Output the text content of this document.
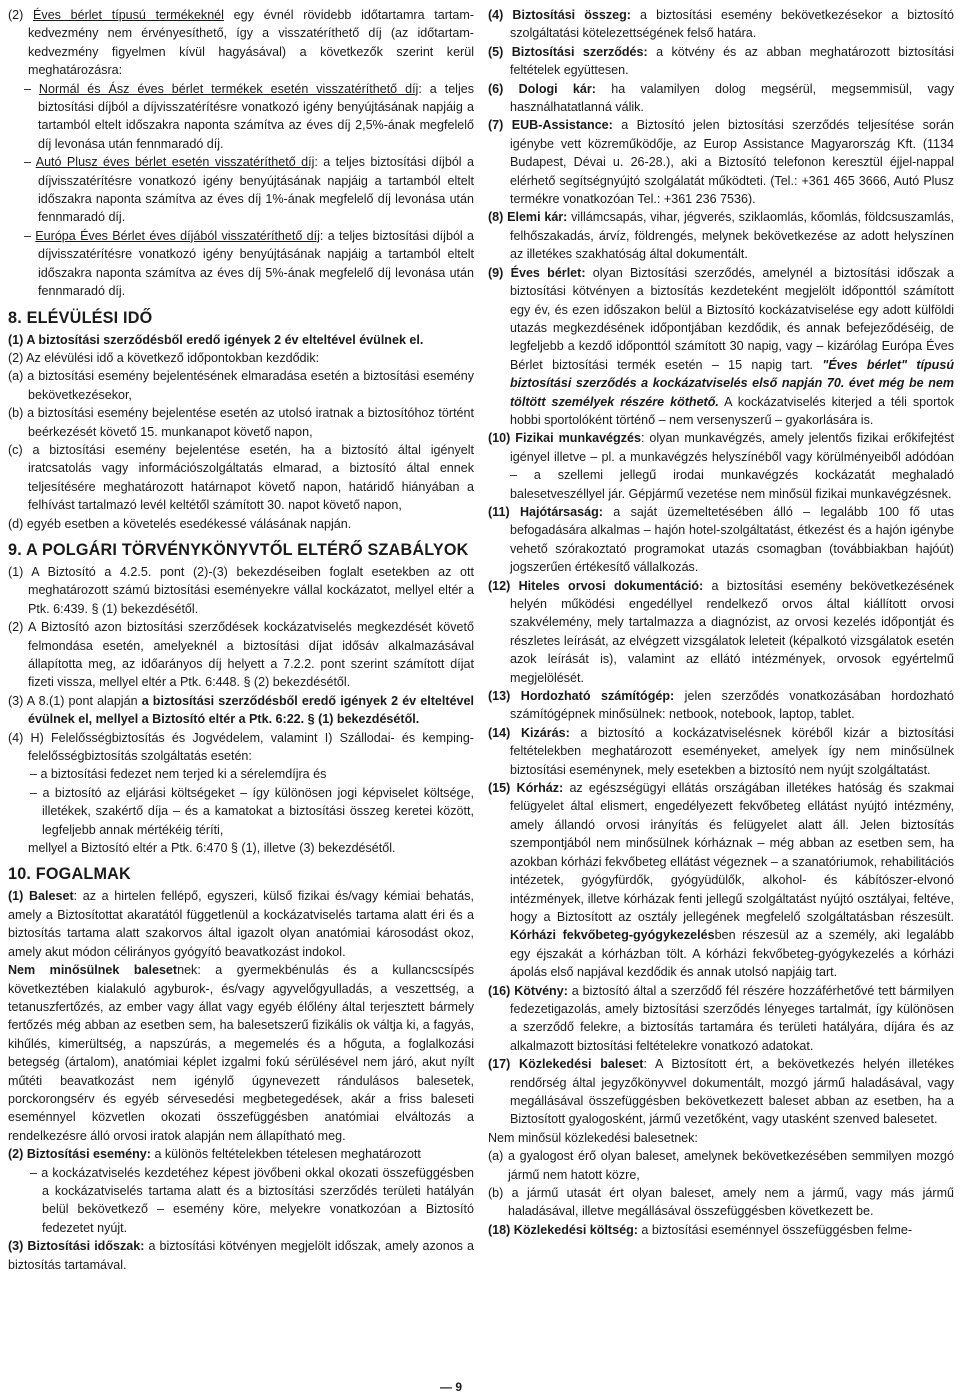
(2) Éves bérlet típusú termékeknél egy évnél rövidebb időtartamra tartam-kedvezmény nem érvényesíthető, így a visszatéríthető díj (az időtartam-kedvezmény figyelmen kívül hagyásával) a következők szerint kerül meghatározásra:

– Normál és Ász éves bérlet termékek esetén visszatéríthető díj: a teljes biztosítási díjból a díjvisszatérítésre vonatkozó igény benyújtásának napjáig a tartamból eltelt időszakra naponta számítva az éves díj 2,5%-ának megfelelő díj levonása után fennmaradó díj.

– Autó Plusz éves bérlet esetén visszatéríthető díj: a teljes biztosítási díjból a díjvisszatérítésre vonatkozó igény benyújtásának napjáig a tartamból eltelt időszakra naponta számítva az éves díj 1%-ának megfelelő díj levonása után fennmaradó díj.

– Európa Éves Bérlet éves díjából visszatéríthető díj: a teljes biztosítási díjból a díjvisszatérítésre vonatkozó igény benyújtásának napjáig a tartamból eltelt időszakra naponta számítva az éves díj 5%-ának megfelelő díj levonása után fennmaradó díj.

8. ELÉVÜLÉSI IDŐ

(1) A biztosítási szerződésből eredő igények 2 év elteltével évülnek el.

(2) Az elévülési idő a következő időpontokban kezdődik:

(a) a biztosítási esemény bejelentésének elmaradása esetén a biztosítási esemény bekövetkezésekor,

(b) a biztosítási esemény bejelentése esetén az utolsó iratnak a biztosítóhoz történt beérkezését követő 15. munkanapot követő napon,

(c) a biztosítási esemény bejelentése esetén, ha a biztosító által igényelt iratcsatolás vagy információszolgáltatás elmarad, a biztosító által ennek teljesítésére meghatározott határnapot követő napon, határidő hiányában a felhívást tartalmazó levél keltétől számított 30. napot követő napon,

(d) egyéb esetben a követelés esedékessé válásának napján.

9. A POLGÁRI TÖRVÉNYKÖNYVTŐL ELTÉRŐ SZABÁLYOK

(1) A Biztosító a 4.2.5. pont (2)-(3) bekezdéseiben foglalt esetekben az ott meghatározott számú biztosítási eseményekre vállal kockázatot, mellyel eltér a Ptk. 6:439. § (1) bekezdésétől.

(2) A Biztosító azon biztosítási szerződések kockázatviselés megkezdését követő felmondása esetén, amelyeknél a biztosítási díjat idősáv alkalmazásával állapította meg, az időarányos díj helyett a 7.2.2. pont szerint számított díjat fizeti vissza, mellyel eltér a Ptk. 6:448. § (2) bekezdésétől.

(3) A 8.(1) pont alapján a biztosítási szerződésből eredő igények 2 év elteltével évülnek el, mellyel a Biztosító eltér a Ptk. 6:22. § (1) bekezdésétől.

(4) H) Felelősségbiztosítás és Jogvédelem, valamint I) Szállodai- és kemping- felelősségbiztosítás szolgáltatás esetén:

– a biztosítási fedezet nem terjed ki a sérelemdíjra és

– a biztosító az eljárási költségeket – így különösen jogi képviselet költsége, illetékek, szakértő díja – és a kamatokat a biztosítási összeg keretei között, legfeljebb annak mértékéig téríti,

mellyel a Biztosító eltér a Ptk. 6:470 § (1), illetve (3) bekezdésétől.

10. FOGALMAK

(1) Baleset: az a hirtelen fellépő, egyszeri, külső fizikai és/vagy kémiai behatás, amely a Biztosítottat akaratától függetlenül a kockázatviselés tartama alatt éri és a biztosítás tartama alatt szakorvos által igazolt olyan anatómiai károsodást okoz, amely akut módon célirányos gyógyító beavatkozást indokol.

Nem minősülnek balesetnek: a gyermekbénulás és a kullancscsípés következtében kialakuló agyburok-, és/vagy agyvelőgyulladás, a veszettség, a tetanuszfertőzés, az ember vagy állat vagy egyéb élőlény által terjesztett bármely fertőzés még abban az esetben sem, ha balesetszerű fizikális ok váltja ki, a fagyás, kihűlés, kimerültség, a napszúrás, a megemelés és a hőguta, a foglalkozási betegség (ártalom), anatómiai képlet izgalmi fokú sérülésével nem járó, akut nyílt műtéti beavatkozást nem igénylő úgynevezett rándulásos balesetek, porckorongsérv és egyéb sérvesedési megbetegedések, akár a friss baleseti eseménnyel közvetlen okozati összefüggésben anatómiai elváltozás a rendelkezésre álló orvosi iratok alapján nem állapítható meg.

(2) Biztosítási esemény: a különös feltételekben tételesen meghatározott

– a kockázatviselés kezdetéhez képest jövőbeni okkal okozati összefüggésben a kockázatviselés tartama alatt és a biztosítási szerződés területi hatályán belül bekövetkező – esemény köre, melyekre vonatkozóan a Biztosító fedezetet nyújt.

(3) Biztosítási időszak: a biztosítási kötvényen megjelölt időszak, amely azonos a biztosítás tartamával.

(4) Biztosítási összeg: a biztosítási esemény bekövetkezésekor a biztosító szolgáltatási kötelezettségének felső határa.

(5) Biztosítási szerződés: a kötvény és az abban meghatározott biztosítási feltételek együttesen.

(6) Dologi kár: ha valamilyen dolog megsérül, megsemmisül, vagy használhatatlanná válik.

(7) EUB-Assistance: a Biztosító jelen biztosítási szerződés teljesítése során igénybe vett közreműködője, az Europ Assistance Magyarország Kft. (1134 Budapest, Dévai u. 26-28.), aki a Biztosító telefonon keresztül éjjel-nappal elérhető segítségnyújtó szolgálatát működteti. (Tel.: +361 465 3666, Autó Plusz termékre vonatkozóan Tel.: +361 236 7536).

(8) Elemi kár: villámcsapás, vihar, jégverés, sziklaomlás, kőomlás, földcsuszamlás, felhőszakadás, árvíz, földrengés, melynek bekövetkezése az adott helyszínen az illetékes szakhatóság által dokumentált.

(9) Éves bérlet: olyan Biztosítási szerződés, amelynél a biztosítási időszak a biztosítási kötvényen a biztosítás kezdeteként megjelölt időponttól számított egy év, és ezen időszakon belül a Biztosító kockázatviselése egy adott külföldi utazás megkezdésének időpontjában kezdődik, és annak befejeződéséig, de legfeljebb a kezdő időponttól számított 30 napig, vagy – kizárólag Európa Éves Bérlet biztosítási termék esetén – 15 napig tart. "Éves bérlet" típusú biztosítási szerződés a kockázatviselés első napján 70. évet még be nem töltött személyek részére köthető. A kockázatviselés kiterjed a téli sportok hobbi sportolóként történő – nem versenyszerű – gyakorlására is.

(10) Fizikai munkavégzés: olyan munkavégzés, amely jelentős fizikai erőkifejtést igényel illetve – pl. a munkavégzés helyszínéből vagy körülményeiből adódóan – a szellemi jellegű irodai munkavégzés kockázatát meghaladó balesetveszéllyel jár. Gépjármű vezetése nem minősül fizikai munkavégzésnek.

(11) Hajótársaság: a saját üzemeltetésében álló – legalább 100 fő utas befogadására alkalmas – hajón hotel-szolgáltatást, étkezést és a hajón igénybe vehető szórakoztató programokat utazás csomagban (továbbiakban hajóút) jogszerűen értékesítő vállalkozás.

(12) Hiteles orvosi dokumentáció: a biztosítási esemény bekövetkezésének helyén működési engedéllyel rendelkező orvos által kiállított orvosi szakvélemény, mely tartalmazza a diagnózist, az orvosi kezelés időpontját és részletes leírását, az elvégzett vizsgálatok leleteit (képalkotó vizsgálatok esetén azok leírását is), valamint az ellátó intézmények, orvosok egyértelmű megjelölését.

(13) Hordozható számítógép: jelen szerződés vonatkozásában hordozható számítógépnek minősülnek: netbook, notebook, laptop, tablet.

(14) Kizárás: a biztosító a kockázatviselésnek köréből kizár a biztosítási feltételekben meghatározott eseményeket, amelyek így nem minősülnek biztosítási eseménynek, mely esetekben a biztosító nem nyújt szolgáltatást.

(15) Kórház: az egészségügyi ellátás országában illetékes hatóság és szakmai felügyelet által elismert, engedélyezett fekvőbeteg ellátást nyújtó intézmény, amely állandó orvosi irányítás és felügyelet alatt áll. Jelen biztosítás szempontjából nem minősülnek kórháznak – még abban az esetben sem, ha azokban kórházi fekvőbeteg ellátást végeznek – a szanatóriumok, rehabilitációs intézetek, gyógyfürdők, gyógyüdülők, alkohol- és kábítószer-elvonó intézmények, illetve kórházak fenti jellegű szolgáltatást nyújtó osztályai, feltéve, hogy a Biztosított az osztály jellegének megfelelő szolgáltatásban részesült. Kórházi fekvőbeteg-gyógykezelésben részesül az a személy, aki legalább egy éjszakát a kórházban tölt. A kórházi fekvőbeteg-gyógykezelés a kórházi ápolás első napjával kezdődik és annak utolsó napjáig tart.

(16) Kötvény: a biztosító által a szerződő fél részére hozzáférhetővé tett bármilyen fedezetigazolás, amely biztosítási szerződés lényeges tartalmát, így különösen a szerződő felekre, a biztosítás tartamára és területi hatályára, díjára és az alkalmazott biztosítási feltételekre vonatkozó adatokat.

(17) Közlekedési baleset: A Biztosított ért, a bekövetkezés helyén illetékes rendőrség által jegyzőkönyvvel dokumentált, mozgó jármű haladásával, vagy megállásával összefüggésben bekövetkezett baleset abban az esetben, ha a Biztosított gyalogosként, jármű vezetőként, vagy utasként szenved balesetet.

Nem minősül közlekedési balesetnek:

(a) a gyalogost érő olyan baleset, amelynek bekövetkezésében semmilyen mozgó jármű nem hatott közre,

(b) a jármű utasát ért olyan baleset, amely nem a jármű, vagy más jármű haladásával, illetve megállásával összefüggésben következett be.

(18) Közlekedési költség: a biztosítási eseménnyel összefüggésben felme-

— 9
